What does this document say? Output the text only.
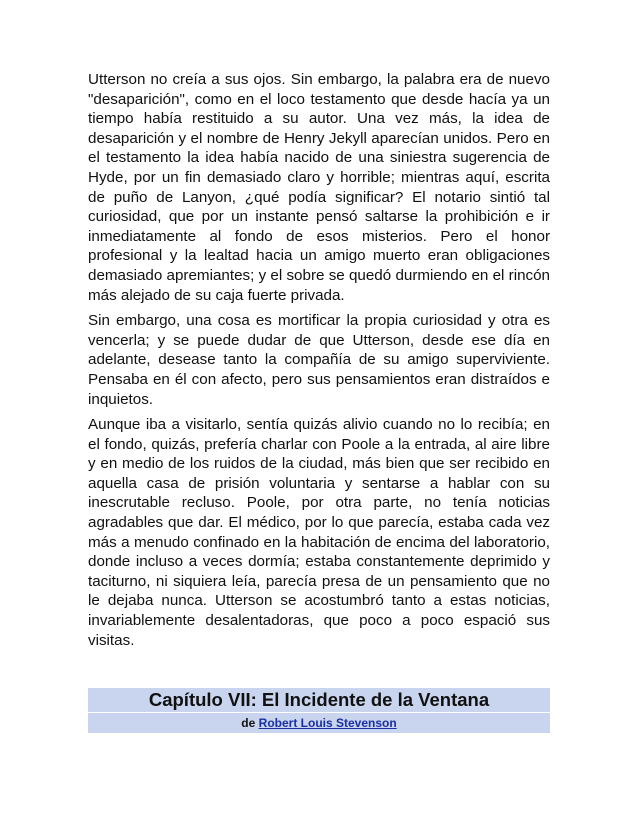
Utterson no creía a sus ojos. Sin embargo, la palabra era de nuevo "desaparición", como en el loco testamento que desde hacía ya un tiempo había restituido a su autor. Una vez más, la idea de desaparición y el nombre de Henry Jekyll aparecían unidos. Pero en el testamento la idea había nacido de una siniestra sugerencia de Hyde, por un fin demasiado claro y horrible; mientras aquí, escrita de puño de Lanyon, ¿qué podía significar? El notario sintió tal curiosidad, que por un instante pensó saltarse la prohibición e ir inmediatamente al fondo de esos misterios. Pero el honor profesional y la lealtad hacia un amigo muerto eran obligaciones demasiado apremiantes; y el sobre se quedó durmiendo en el rincón más alejado de su caja fuerte privada.

Sin embargo, una cosa es mortificar la propia curiosidad y otra es vencerla; y se puede dudar de que Utterson, desde ese día en adelante, desease tanto la compañía de su amigo superviviente. Pensaba en él con afecto, pero sus pensamientos eran distraídos e inquietos.

Aunque iba a visitarlo, sentía quizás alivio cuando no lo recibía; en el fondo, quizás, prefería charlar con Poole a la entrada, al aire libre y en medio de los ruidos de la ciudad, más bien que ser recibido en aquella casa de prisión voluntaria y sentarse a hablar con su inescrutable recluso. Poole, por otra parte, no tenía noticias agradables que dar. El médico, por lo que parecía, estaba cada vez más a menudo confinado en la habitación de encima del laboratorio, donde incluso a veces dormía; estaba constantemente deprimido y taciturno, ni siquiera leía, parecía presa de un pensamiento que no le dejaba nunca. Utterson se acostumbró tanto a estas noticias, invariablemente desalentadoras, que poco a poco espació sus visitas.

Capítulo VII: El Incidente de la Ventana
de Robert Louis Stevenson
